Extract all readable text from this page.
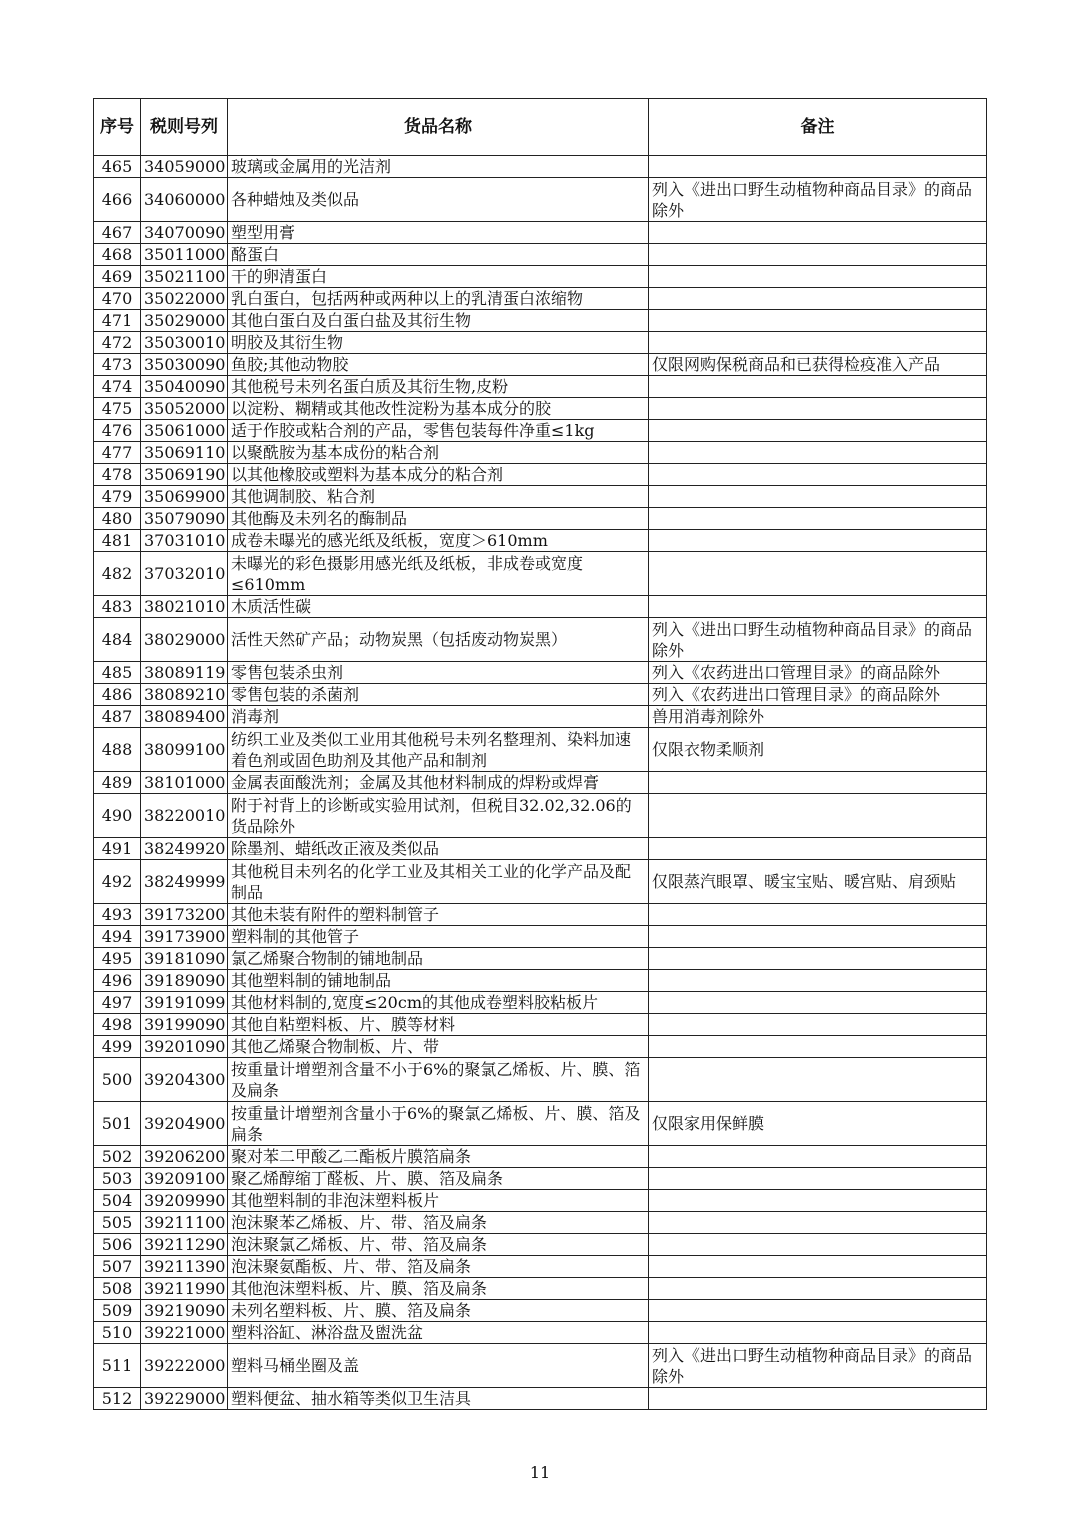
序号	税则号列	货品名称	备注
465	34059000	玻璃或金属用的光洁剂	
466	34060000	各种蜡烛及类似品	列入《进出口野生动植物种商品目录》的商品除外
467	34070090	塑型用膏	
468	35011000	酪蛋白	
469	35021100	干的卵清蛋白	
470	35022000	乳白蛋白，包括两种或两种以上的乳清蛋白浓缩物	
471	35029000	其他白蛋白及白蛋白盐及其衍生物	
472	35030010	明胶及其衍生物	
473	35030090	鱼胶;其他动物胶	仅限网购保税商品和已获得检疫准入产品
474	35040090	其他税号未列名蛋白质及其衍生物,皮粉	
475	35052000	以淀粉、糊精或其他改性淀粉为基本成分的胶	
476	35061000	适于作胶或粘合剂的产品，零售包装每件净重≤1kg	
477	35069110	以聚酰胺为基本成份的粘合剂	
478	35069190	以其他橡胶或塑料为基本成分的粘合剂	
479	35069900	其他调制胶、粘合剂	
480	35079090	其他酶及未列名的酶制品	
481	37031010	成卷未曝光的感光纸及纸板，宽度＞610mm	
482	37032010	未曝光的彩色摄影用感光纸及纸板，非成卷或宽度≤610mm	
483	38021010	木质活性碳	
484	38029000	活性天然矿产品；动物炭黑（包括废动物炭黑）	列入《进出口野生动植物种商品目录》的商品除外
485	38089119	零售包装杀虫剂	列入《农药进出口管理目录》的商品除外
486	38089210	零售包装的杀菌剂	列入《农药进出口管理目录》的商品除外
487	38089400	消毒剂	兽用消毒剂除外
488	38099100	纺织工业及类似工业用其他税号未列名整理剂、染料加速着色剂或固色助剂及其他产品和制剂	仅限衣物柔顺剂
489	38101000	金属表面酸洗剂；金属及其他材料制成的焊粉或焊膏	
490	38220010	附于衬背上的诊断或实验用试剂，但税目32.02,32.06的货品除外	
491	38249920	除墨剂、蜡纸改正液及类似品	
492	38249999	其他税目未列名的化学工业及其相关工业的化学产品及配制品	仅限蒸汽眼罩、暖宝宝贴、暖宫贴、肩颈贴
493	39173200	其他未装有附件的塑料制管子	
494	39173900	塑料制的其他管子	
495	39181090	氯乙烯聚合物制的铺地制品	
496	39189090	其他塑料制的铺地制品	
497	39191099	其他材料制的,宽度≤20cm的其他成卷塑料胶粘板片	
498	39199090	其他自粘塑料板、片、膜等材料	
499	39201090	其他乙烯聚合物制板、片、带	
500	39204300	按重量计增塑剂含量不小于6%的聚氯乙烯板、片、膜、箔及扁条	
501	39204900	按重量计增塑剂含量小于6%的聚氯乙烯板、片、膜、箔及扁条	仅限家用保鲜膜
502	39206200	聚对苯二甲酸乙二酯板片膜箔扁条	
503	39209100	聚乙烯醇缩丁醛板、片、膜、箔及扁条	
504	39209990	其他塑料制的非泡沫塑料板片	
505	39211100	泡沫聚苯乙烯板、片、带、箔及扁条	
506	39211290	泡沫聚氯乙烯板、片、带、箔及扁条	
507	39211390	泡沫聚氨酯板、片、带、箔及扁条	
508	39211990	其他泡沫塑料板、片、膜、箔及扁条	
509	39219090	未列名塑料板、片、膜、箔及扁条	
510	39221000	塑料浴缸、淋浴盘及盥洗盆	
511	39222000	塑料马桶坐圈及盖	列入《进出口野生动植物种商品目录》的商品除外
512	39229000	塑料便盆、抽水箱等类似卫生洁具	
11
